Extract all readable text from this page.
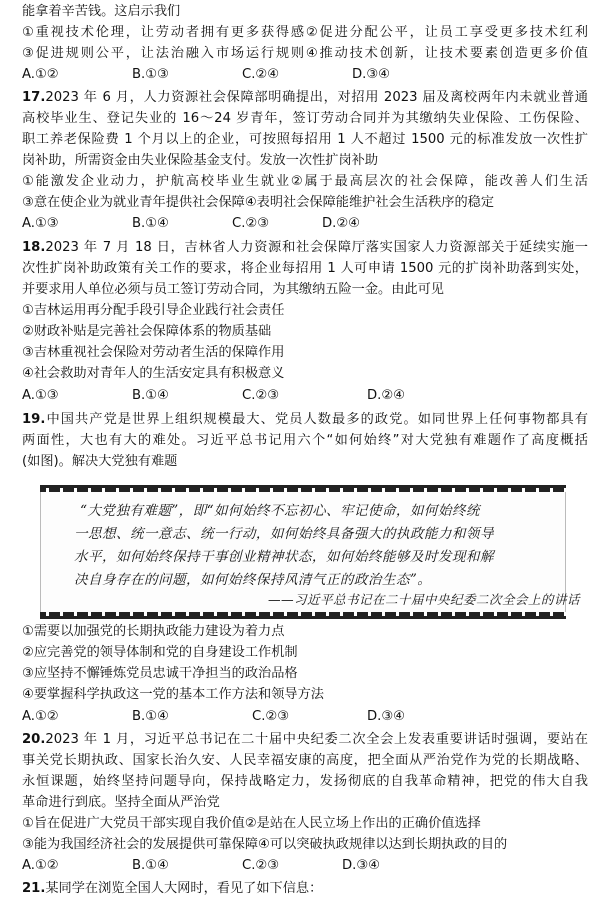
能拿着辛苦钱。这启示我们
①重视技术伦理，让劳动者拥有更多获得感②促进分配公平，让员工享受更多技术红利
③促进规则公平，让法治融入市场运行规则④推动技术创新，让技术要素创造更多价值
A.①②	B.①③	C.②④	D.③④
17.2023 年 6 月，人力资源社会保障部明确提出，对招用 2023 届及离校两年内未就业普通
高校毕业生、登记失业的 16～24 岁青年，签订劳动合同并为其缴纳失业保险、工伤保险、
职工养老保险费 1 个月以上的企业，可按照每招用 1 人不超过 1500 元的标准发放一次性扩
岗补助，所需资金由失业保险基金支付。发放一次性扩岗补助
①能激发企业动力，护航高校毕业生就业②属于最高层次的社会保障，能改善人们生活
③意在使企业为就业青年提供社会保障④表明社会保障能维护社会生活秩序的稳定
A.①③	B.①④	C.②③	D.②④
18.2023 年 7 月 18 日，吉林省人力资源和社会保障厅落实国家人力资源部关于延续实施一
次性扩岗补助政策有关工作的要求，将企业每招用 1 人可申请 1500 元的扩岗补助落到实处，
并要求用人单位必须与员工签订劳动合同，为其缴纳五险一金。由此可见
①吉林运用再分配手段引导企业践行社会责任
②财政补贴是完善社会保障体系的物质基础
③吉林重视社会保险对劳动者生活的保障作用
④社会救助对青年人的生活安定具有积极意义
A.①③	B.①④	C.②③	D.②④
19.中国共产党是世界上组织规模最大、党员人数最多的政党。如同世界上任何事物都具有
两面性，大也有大的难处。习近平总书记用六个“如何始终”对大党独有难题作了高度概括
(如图)。解决大党独有难题
“大党独有难题”，即“如何始终不忘初心、牢记使命，如何始终统
一思想、统一意志、统一行动，如何始终具备强大的执政能力和领导
水平，如何始终保持干事创业精神状态，如何始终能够及时发现和解
决自身存在的问题，如何始终保持风清气正的政治生态”。
——习近平总书记在二十届中央纪委二次全会上的讲话
①需要以加强党的长期执政能力建设为着力点
②应完善党的领导体制和党的自身建设工作机制
③应坚持不懈锤炼党员忠诚干净担当的政治品格
④要掌握科学执政这一党的基本工作方法和领导方法
A.①②	B.①④	C.②③	D.③④
20.2023 年 1 月，习近平总书记在二十届中央纪委二次全会上发表重要讲话时强调，要站在
事关党长期执政、国家长治久安、人民幸福安康的高度，把全面从严治党作为党的长期战略、
永恒课题，始终坚持问题导向，保持战略定力，发扬彻底的自我革命精神，把党的伟大自我
革命进行到底。坚持全面从严治党
①旨在促进广大党员干部实现自我价值②是站在人民立场上作出的正确价值选择
③能为我国经济社会的发展提供可靠保障④可以突破执政规律以达到长期执政的目的
A.①②	B.①④	C.②③	D.③④
21.某同学在浏览全国人大网时，看见了如下信息：
